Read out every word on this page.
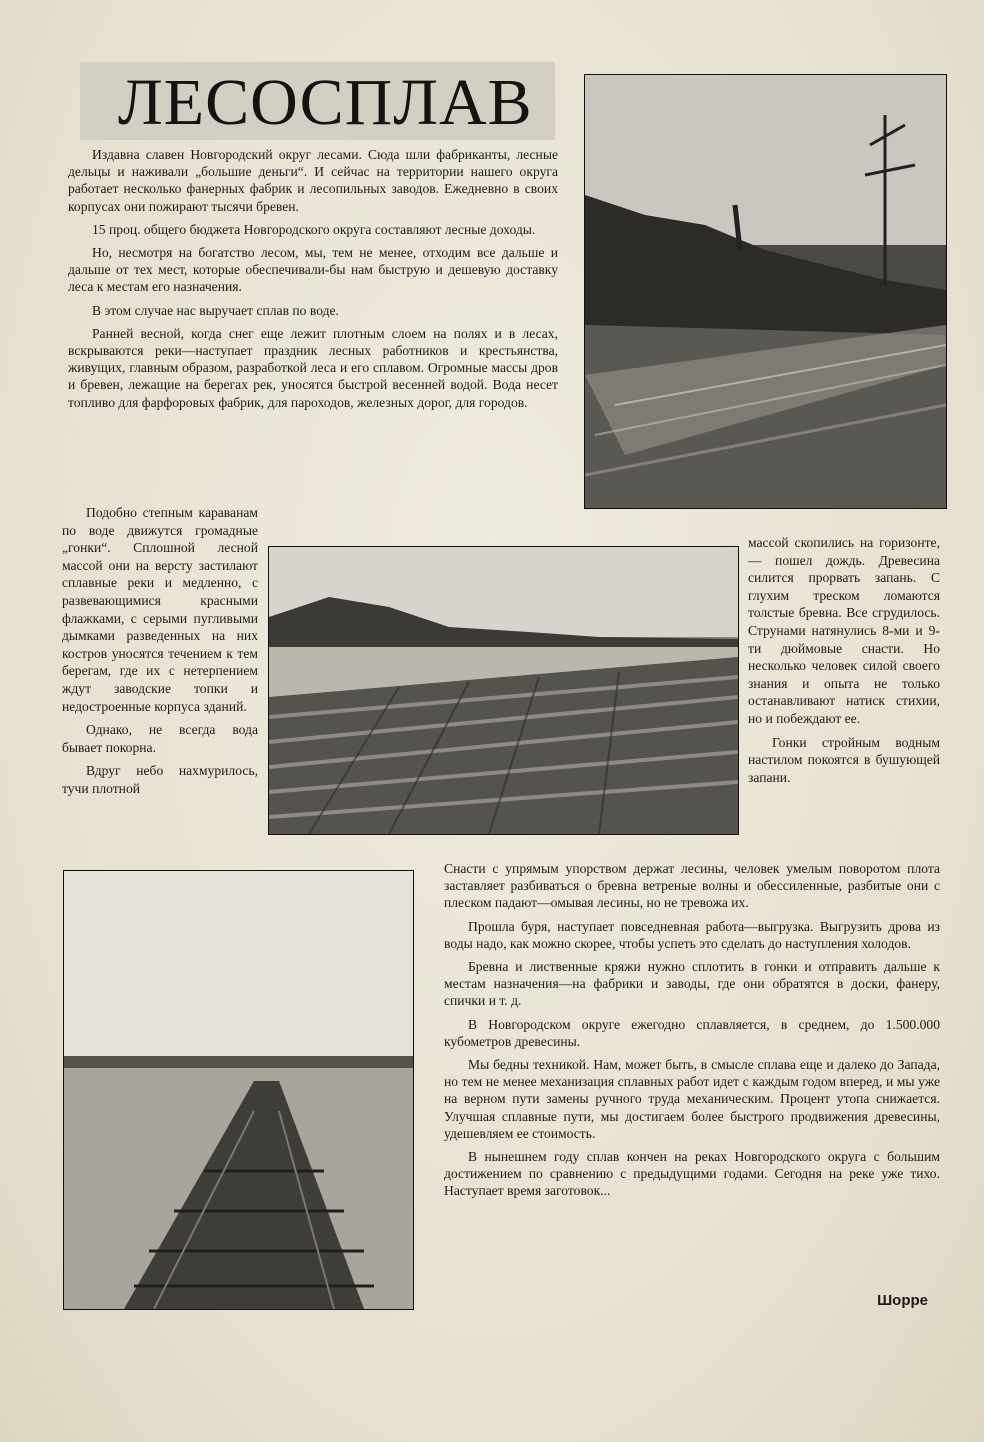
ЛЕСОСПЛАВ

Издавна славен Новгородский округ лесами. Сюда шли фабриканты, лесные дельцы и наживали „большие деньги“. И сейчас на территории нашего округа работает несколько фанерных фабрик и лесопильных заводов. Ежедневно в своих корпусах они пожирают тысячи бревен.

15 проц. общего бюджета Новгородского округа составляют лесные доходы.

Но, несмотря на богатство лесом, мы, тем не менее, отходим все дальше и дальше от тех мест, которые обеспечивали-бы нам быструю и дешевую доставку леса к местам его назначения.

В этом случае нас выручает сплав по воде.

Ранней весной, когда снег еще лежит плотным слоем на полях и в лесах, вскрываются реки—наступает праздник лесных работников и крестьянства, живущих, главным образом, разработкой леса и его сплавом. Огромные массы дров и бревен, лежащие на берегах рек, уносятся быстрой весенней водой. Вода несет топливо для фарфоровых фабрик, для пароходов, железных дорог, для городов.

Подобно степным караванам по воде движутся громадные „гонки“. Сплошной лесной массой они на версту застилают сплавные реки и медленно, с развевающимися красными флажками, с серыми пугливыми дымками разведенных на них костров уносятся течением к тем берегам, где их с нетерпением ждут заводские топки и недостроенные корпуса зданий.

Однако, не всегда вода бывает покорна.

Вдруг небо нахмурилось, тучи плотной

массой скопились на горизонте, — пошел дождь. Древесина силится прорвать запань. С глухим треском ломаются толстые бревна. Все сгрудилось. Струнами натянулись 8-ми и 9-ти дюймовые снасти. Но несколько человек силой своего знания и опыта не только останавливают натиск стихии, но и побеждают ее.

Гонки стройным водным настилом покоятся в бушующей запани.

Снасти с упрямым упорством держат лесины, человек умелым поворотом плота заставляет разбиваться о бревна ветреные волны и обессиленные, разбитые они с плеском падают—омывая лесины, но не тревожа их.

Прошла буря, наступает повседневная работа—выгрузка. Выгрузить дрова из воды надо, как можно скорее, чтобы успеть это сделать до наступления холодов.

Бревна и лиственные кряжи нужно сплотить в гонки и отправить дальше к местам назначения—на фабрики и заводы, где они обратятся в доски, фанеру, спички и т. д.

В Новгородском округе ежегодно сплавляется, в среднем, до 1.500.000 кубометров древесины.

Мы бедны техникой. Нам, может быть, в смысле сплава еще и далеко до Запада, но тем не менее механизация сплавных работ идет с каждым годом вперед, и мы уже на верном пути замены ручного труда механическим. Процент утопа снижается. Улучшая сплавные пути, мы достигаем более быстрого продвижения древесины, удешевляем ее стоимость.

В нынешнем году сплав кончен на реках Новгородского округа с большим достижением по сравнению с предыдущими годами. Сегодня на реке уже тихо. Наступает время заготовок...

Шорре
